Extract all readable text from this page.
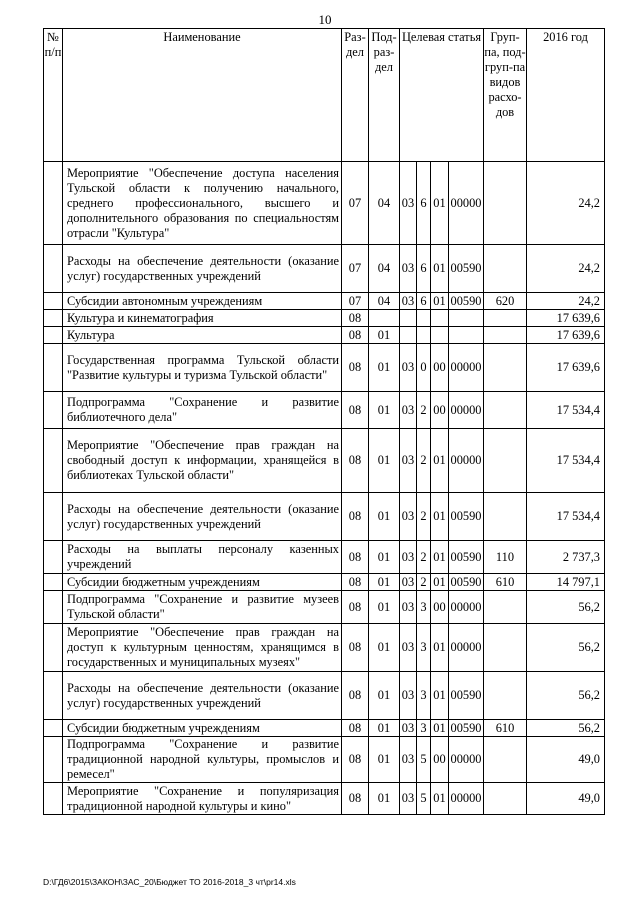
10
№ п/п	Наименование	Раз-дел	Под-раз-дел	Целевая статья				Груп-па, под-груп-па видов расхо-дов	2016 год
	Мероприятие "Обеспечение доступа населения Тульской области к получению начального, среднего профессионального, высшего и дополнительного образования по специальностям отрасли "Культура"	07	04	03	6	01	00000		24,2
	Расходы на обеспечение деятельности (оказание услуг) государственных учреждений	07	04	03	6	01	00590		24,2
	Субсидии автономным учреждениям	07	04	03	6	01	00590	620	24,2
	Культура и кинематография	08							17 639,6
	Культура	08	01						17 639,6
	Государственная программа Тульской области "Развитие культуры и туризма Тульской области"	08	01	03	0	00	00000		17 639,6
	Подпрограмма "Сохранение и развитие библиотечного дела"	08	01	03	2	00	00000		17 534,4
	Мероприятие "Обеспечение прав граждан на свободный доступ к информации, хранящейся в библиотеках Тульской области"	08	01	03	2	01	00000		17 534,4
	Расходы на обеспечение деятельности (оказание услуг) государственных учреждений	08	01	03	2	01	00590		17 534,4
	Расходы на выплаты персоналу казенных учреждений	08	01	03	2	01	00590	110	2 737,3
	Субсидии бюджетным учреждениям	08	01	03	2	01	00590	610	14 797,1
	Подпрограмма "Сохранение и развитие музеев Тульской области"	08	01	03	3	00	00000		56,2
	Мероприятие "Обеспечение прав граждан на доступ к культурным ценностям, хранящимся в государственных и муниципальных музеях"	08	01	03	3	01	00000		56,2
	Расходы на обеспечение деятельности (оказание услуг) государственных учреждений	08	01	03	3	01	00590		56,2
	Субсидии бюджетным учреждениям	08	01	03	3	01	00590	610	56,2
	Подпрограмма "Сохранение и развитие традиционной народной культуры, промыслов и ремесел"	08	01	03	5	00	00000		49,0
	Мероприятие "Сохранение и популяризация традиционной народной культуры и кино"	08	01	03	5	01	00000		49,0
D:\ГД6\2015\ЗАКОН\ЗАС_20\Бюджет ТО 2016-2018_3 чт\pr14.xls
